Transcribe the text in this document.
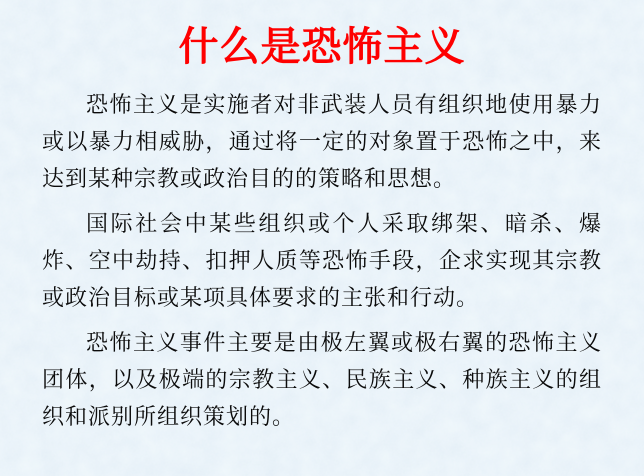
什么是恐怖主义

恐怖主义是实施者对非武装人员有组织地使用暴力或以暴力相威胁，通过将一定的对象置于恐怖之中，来达到某种宗教或政治目的的策略和思想。

国际社会中某些组织或个人采取绑架、暗杀、爆炸、空中劫持、扣押人质等恐怖手段，企求实现其宗教或政治目标或某项具体要求的主张和行动。

恐怖主义事件主要是由极左翼或极右翼的恐怖主义团体，以及极端的宗教主义、民族主义、种族主义的组织和派别所组织策划的。
